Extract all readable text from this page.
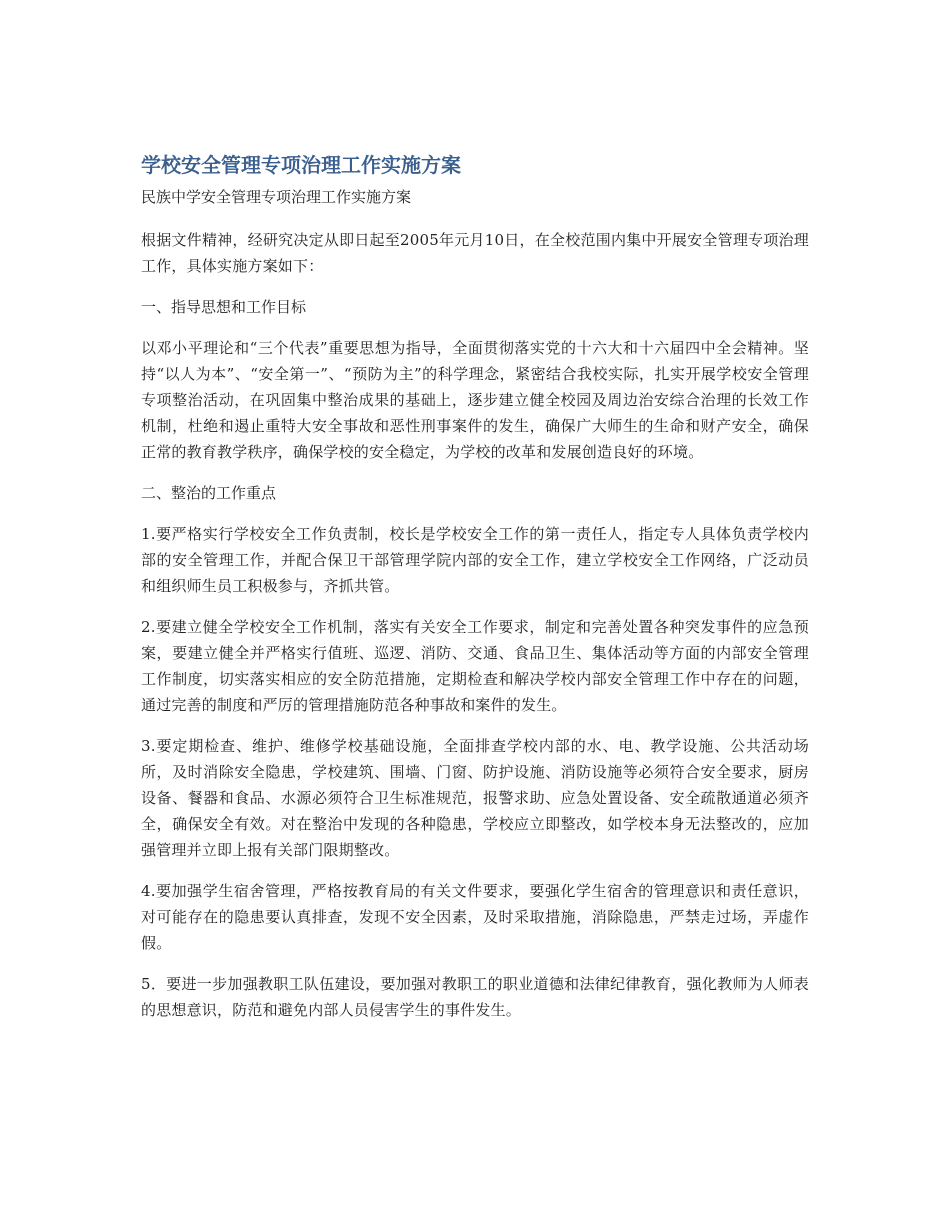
学校安全管理专项治理工作实施方案

民族中学安全管理专项治理工作实施方案

根据文件精神，经研究决定从即日起至2005年元月10日，在全校范围内集中开展安全管理专项治理工作，具体实施方案如下：

一、指导思想和工作目标

以邓小平理论和“三个代表”重要思想为指导，全面贯彻落实党的十六大和十六届四中全会精神。坚持“以人为本”、“安全第一”、“预防为主”的科学理念，紧密结合我校实际，扎实开展学校安全管理专项整治活动，在巩固集中整治成果的基础上，逐步建立健全校园及周边治安综合治理的长效工作机制，杜绝和遏止重特大安全事故和恶性刑事案件的发生，确保广大师生的生命和财产安全，确保正常的教育教学秩序，确保学校的安全稳定，为学校的改革和发展创造良好的环境。

二、整治的工作重点

1.要严格实行学校安全工作负责制，校长是学校安全工作的第一责任人，指定专人具体负责学校内部的安全管理工作，并配合保卫干部管理学院内部的安全工作，建立学校安全工作网络，广泛动员和组织师生员工积极参与，齐抓共管。

2.要建立健全学校安全工作机制，落实有关安全工作要求，制定和完善处置各种突发事件的应急预案，要建立健全并严格实行值班、巡逻、消防、交通、食品卫生、集体活动等方面的内部安全管理工作制度，切实落实相应的安全防范措施，定期检查和解决学校内部安全管理工作中存在的问题，通过完善的制度和严厉的管理措施防范各种事故和案件的发生。

3.要定期检查、维护、维修学校基础设施，全面排查学校内部的水、电、教学设施、公共活动场所，及时消除安全隐患，学校建筑、围墙、门窗、防护设施、消防设施等必须符合安全要求，厨房设备、餐器和食品、水源必须符合卫生标准规范，报警求助、应急处置设备、安全疏散通道必须齐全，确保安全有效。对在整治中发现的各种隐患，学校应立即整改，如学校本身无法整改的，应加强管理并立即上报有关部门限期整改。

4.要加强学生宿舍管理，严格按教育局的有关文件要求，要强化学生宿舍的管理意识和责任意识，对可能存在的隐患要认真排查，发现不安全因素，及时采取措施，消除隐患，严禁走过场，弄虚作假。

5．要进一步加强教职工队伍建设，要加强对教职工的职业道德和法律纪律教育，强化教师为人师表的思想意识，防范和避免内部人员侵害学生的事件发生。
